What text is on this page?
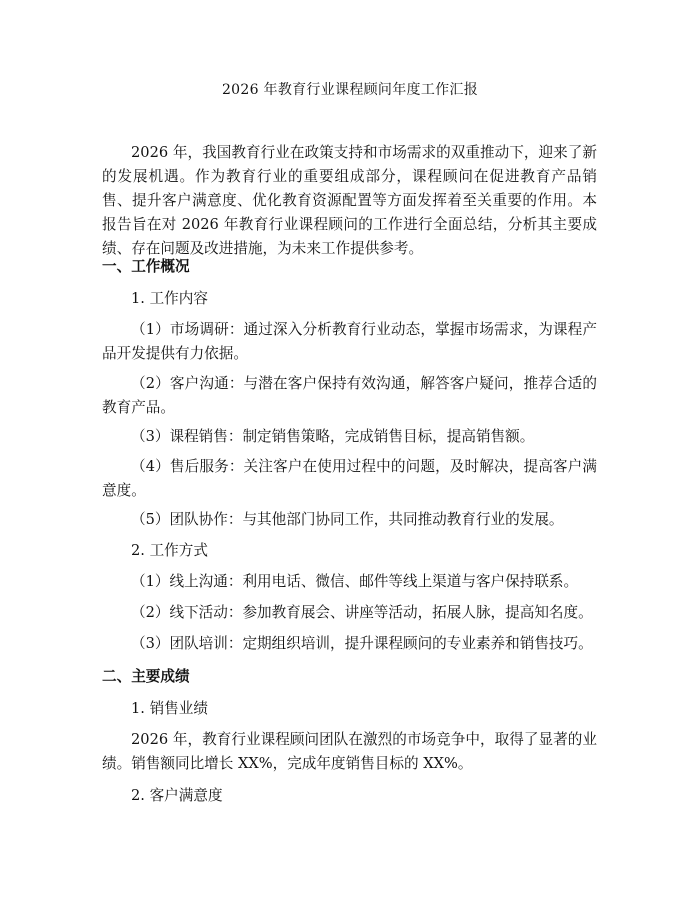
2026 年教育行业课程顾问年度工作汇报

2026 年，我国教育行业在政策支持和市场需求的双重推动下，迎来了新的发展机遇。作为教育行业的重要组成部分，课程顾问在促进教育产品销售、提升客户满意度、优化教育资源配置等方面发挥着至关重要的作用。本报告旨在对 2026 年教育行业课程顾问的工作进行全面总结，分析其主要成绩、存在问题及改进措施，为未来工作提供参考。

一、工作概况
1. 工作内容

（1）市场调研：通过深入分析教育行业动态，掌握市场需求，为课程产品开发提供有力依据。

（2）客户沟通：与潜在客户保持有效沟通，解答客户疑问，推荐合适的教育产品。

（3）课程销售：制定销售策略，完成销售目标，提高销售额。

（4）售后服务：关注客户在使用过程中的问题，及时解决，提高客户满意度。

（5）团队协作：与其他部门协同工作，共同推动教育行业的发展。

2. 工作方式

（1）线上沟通：利用电话、微信、邮件等线上渠道与客户保持联系。

（2）线下活动：参加教育展会、讲座等活动，拓展人脉，提高知名度。

（3）团队培训：定期组织培训，提升课程顾问的专业素养和销售技巧。

二、主要成绩
1. 销售业绩

2026 年，教育行业课程顾问团队在激烈的市场竞争中，取得了显著的业绩。销售额同比增长 XX%，完成年度销售目标的 XX%。

2. 客户满意度
